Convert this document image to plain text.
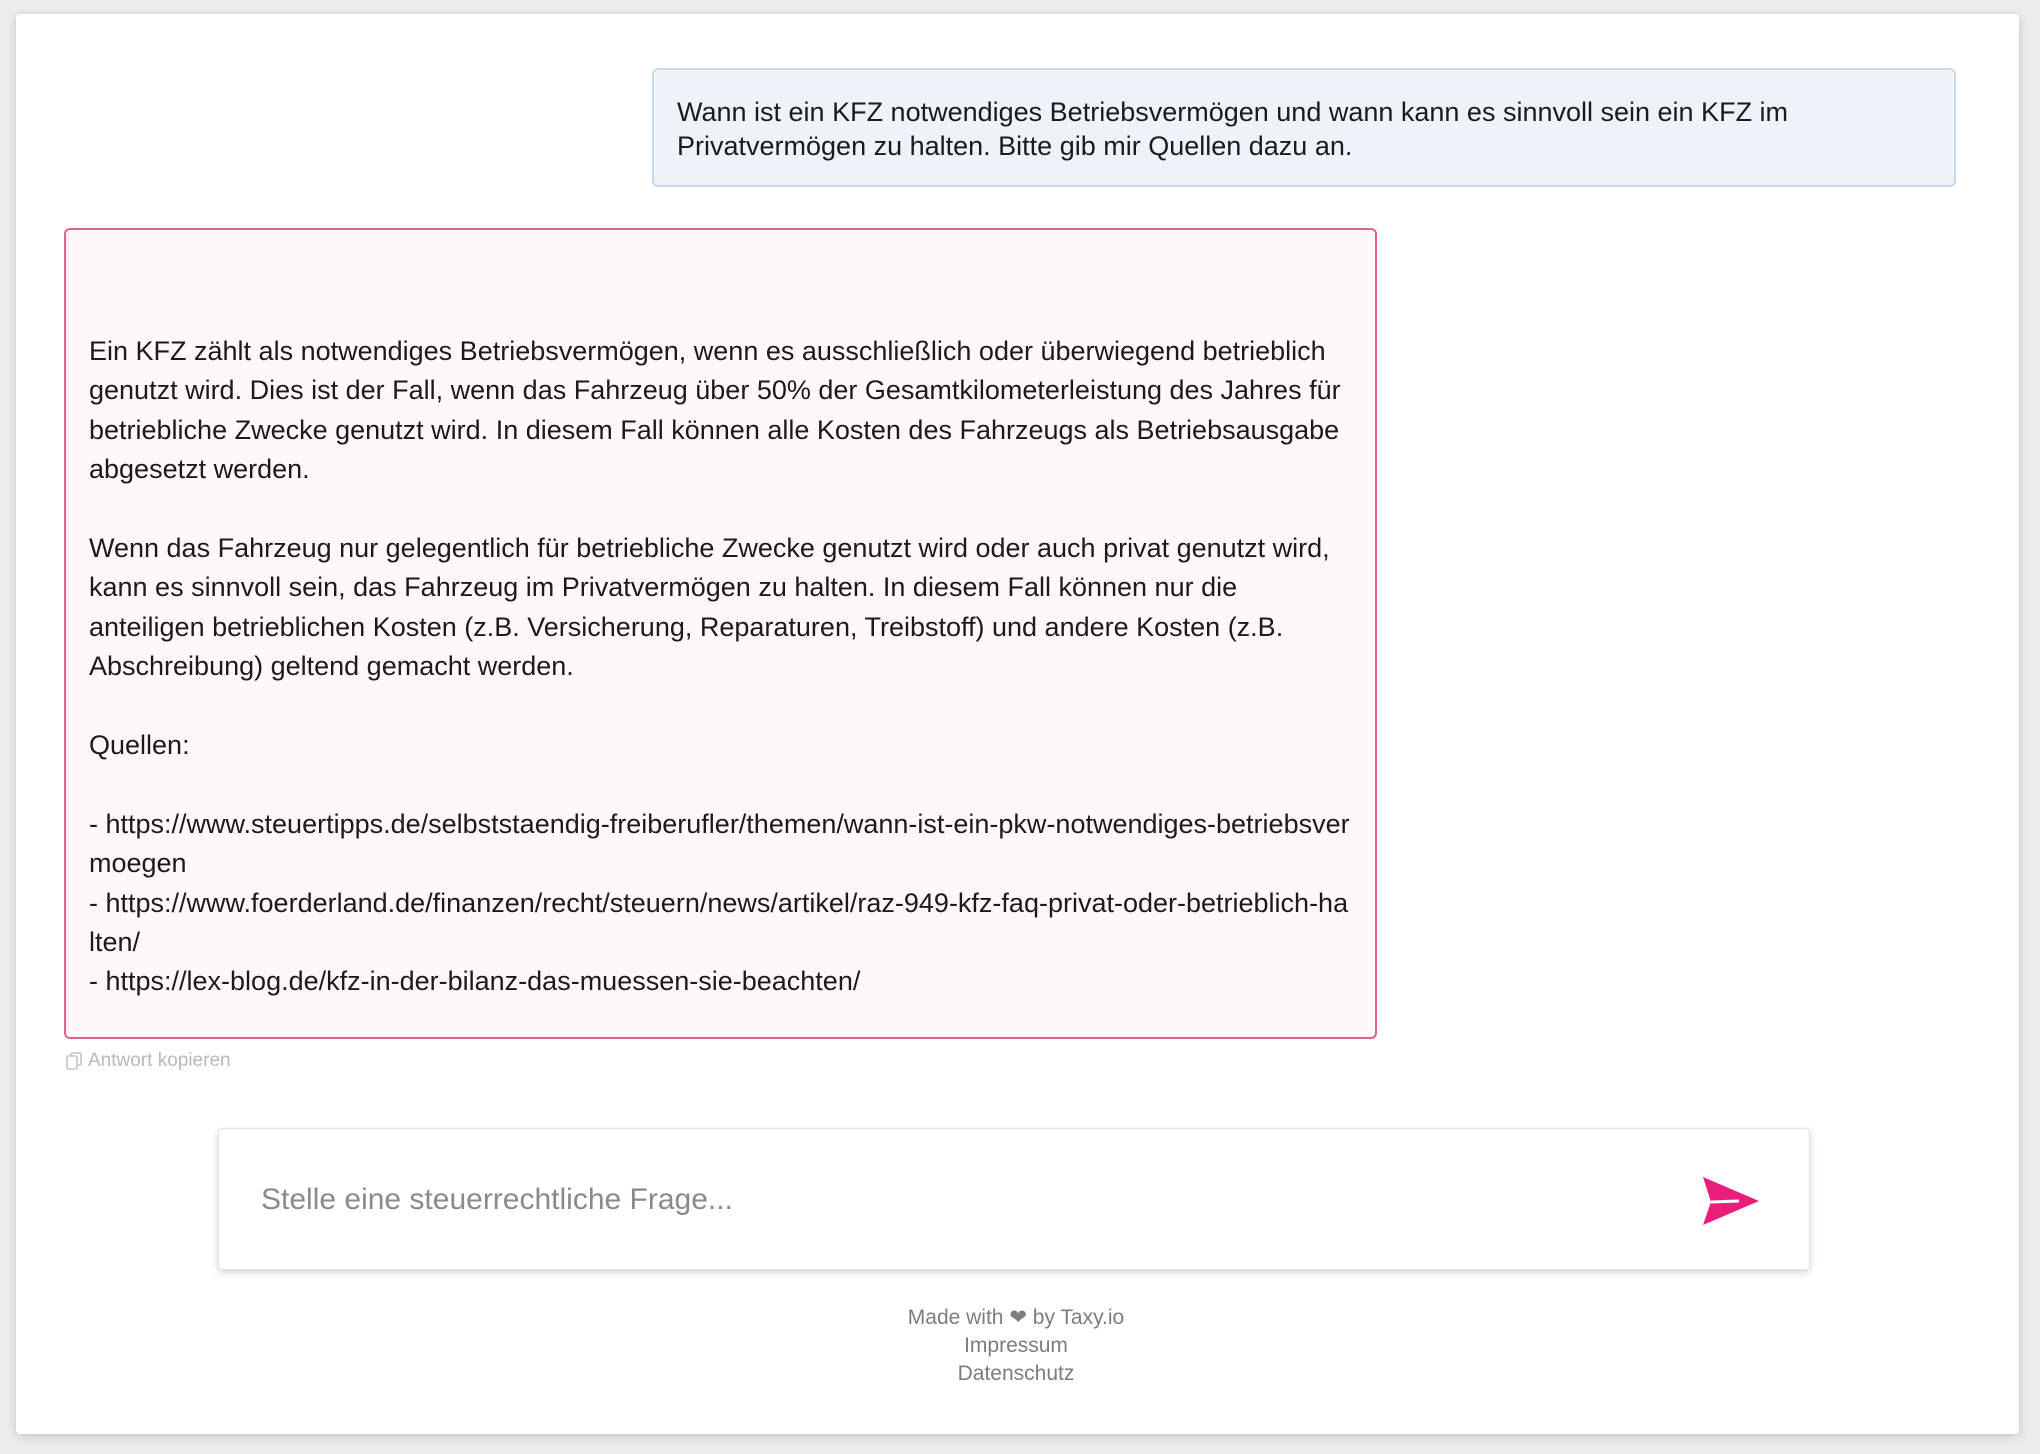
Wann ist ein KFZ notwendiges Betriebsvermögen und wann kann es sinnvoll sein ein KFZ im Privatvermögen zu halten. Bitte gib mir Quellen dazu an.

Ein KFZ zählt als notwendiges Betriebsvermögen, wenn es ausschließlich oder überwiegend betrieblich genutzt wird. Dies ist der Fall, wenn das Fahrzeug über 50% der Gesamtkilometerleistung des Jahres für betriebliche Zwecke genutzt wird. In diesem Fall können alle Kosten des Fahrzeugs als Betriebsausgabe abgesetzt werden.

Wenn das Fahrzeug nur gelegentlich für betriebliche Zwecke genutzt wird oder auch privat genutzt wird, kann es sinnvoll sein, das Fahrzeug im Privatvermögen zu halten. In diesem Fall können nur die anteiligen betrieblichen Kosten (z.B. Versicherung, Reparaturen, Treibstoff) und andere Kosten (z.B. Abschreibung) geltend gemacht werden.

Quellen:

- https://www.steuertipps.de/selbststaendig-freiberufler/themen/wann-ist-ein-pkw-notwendiges-betriebsvermoegen

- https://www.foerderland.de/finanzen/recht/steuern/news/artikel/raz-949-kfz-faq-privat-oder-betrieblich-halten/

- https://lex-blog.de/kfz-in-der-bilanz-das-muessen-sie-beachten/

Antwort kopieren
Stelle eine steuerrechtliche Frage...
Made with ❤ by Taxy.io
Impressum
Datenschutz
